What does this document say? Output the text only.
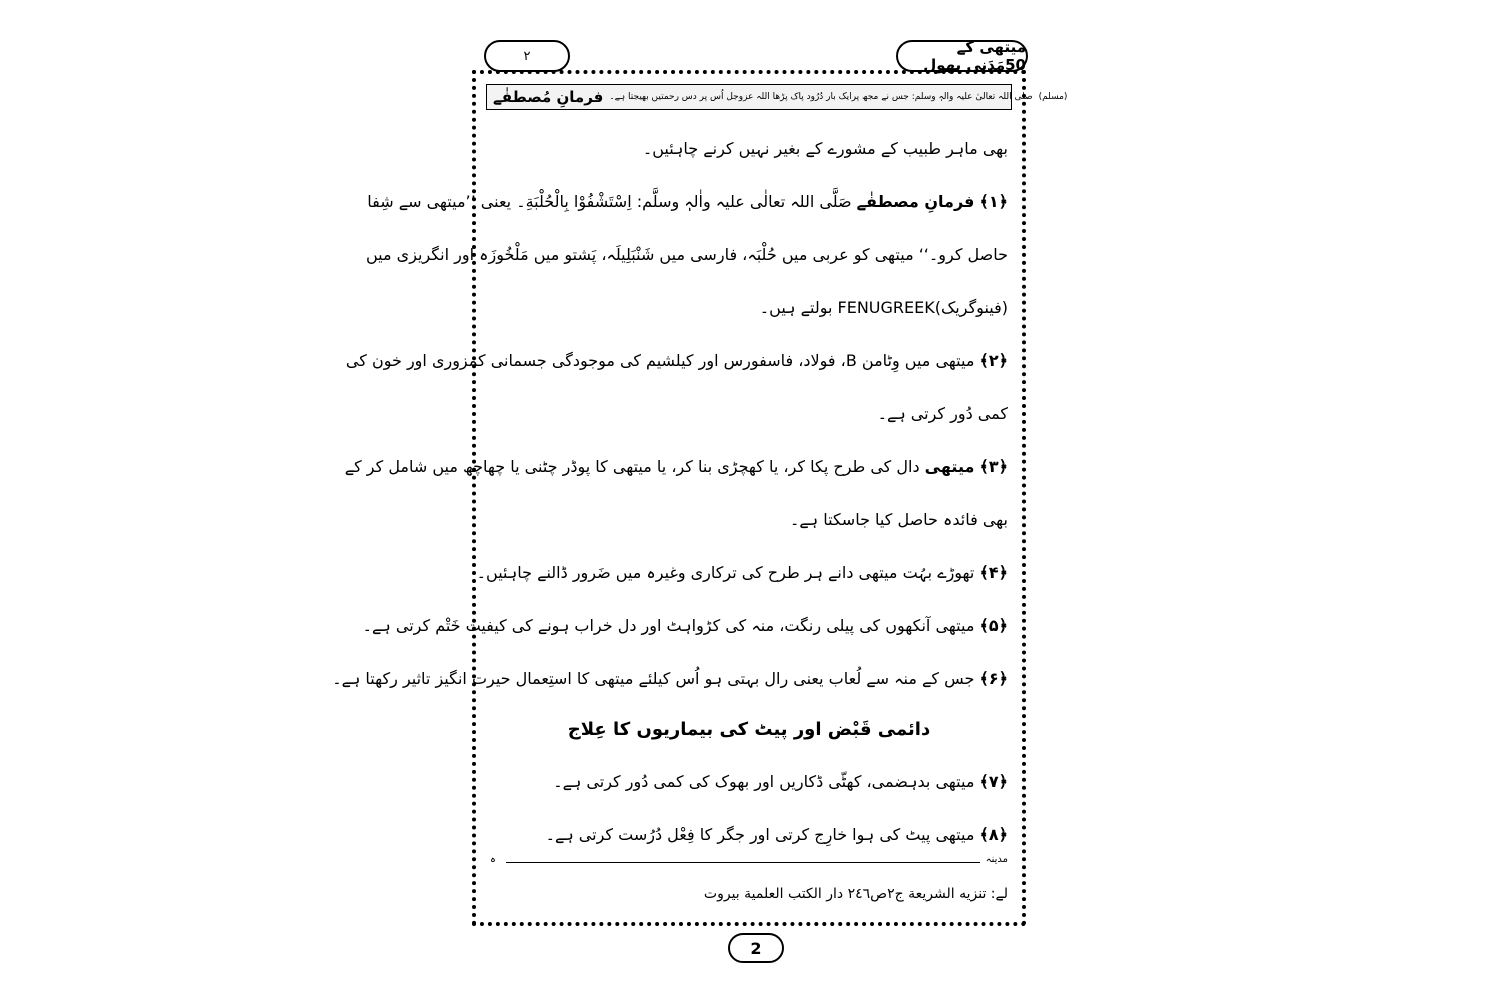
میتھی کے 50مَدَنی پھول
۲
فرمانِ مُصطفٰے صلی اللہ تعالیٰ علیہ والہٖ وسلم: جس نے مجھ پرایک بار دُرُود پاک پڑھا اللہ عزوجل اُس پر دس رحمتیں بھیجتا ہے۔ (مسلم)
بھی ماہر طبیب کے مشورے کے بغیر نہیں کرنے چاہئیں۔
﴿۱﴾ فرمانِ مصطفٰے صَلَّی اللہ تعالٰی علیہ واٰلہٖ وسلَّم: اِسْتَشْفُوْا بِالْحُلْبَةِ۔ یعنی ’’میتھی سے شِفا
حاصل کرو۔‘‘ میتھی کو عربی میں حُلْبَہ، فارسی میں شَنْبَلِیلَہ، پَشتو میں مَلْخُوزَہ اور انگریزی میں
(فینوگریک)FENUGREEK بولتے ہیں۔
﴿۲﴾ میتھی میں وِٹامن B، فولاد، فاسفورس اور کیلشیم کی موجودگی جسمانی کمزوری اور خون کی
کمی دُور کرتی ہے۔
﴿۳﴾ میتھی دال کی طرح پکا کر، یا کھچڑی بنا کر، یا میتھی کا پوڈر چٹنی یا چھاچھ میں شامل کر کے
بھی فائدہ حاصل کیا جاسکتا ہے۔
﴿۴﴾ تھوڑے بہُت میتھی دانے ہر طرح کی ترکاری وغیرہ میں ضَرور ڈالنے چاہئیں۔
﴿۵﴾ میتھی آنکھوں کی پیلی رنگت، منہ کی کڑواہٹ اور دل خراب ہونے کی کیفیت خَتْم کرتی ہے۔
﴿۶﴾ جس کے منہ سے لُعاب یعنی رال بہتی ہو اُس کیلئے میتھی کا استِعمال حیرت انگیز تاثیر رکھتا ہے۔
دائمی قَبْض اور پیٹ کی بیماریوں کا عِلاج
﴿۷﴾ میتھی بدہضمی، کھٹّی ڈکاریں اور بھوک کی کمی دُور کرتی ہے۔
﴿۸﴾ میتھی پیٹ کی ہوا خارِج کرتی اور جگر کا فِعْل دُرُست کرتی ہے۔
مدینہ
ہ
لے: تنزيه الشريعة ج٢ص٢٤٦ دار الكتب العلمية بيروت
2
